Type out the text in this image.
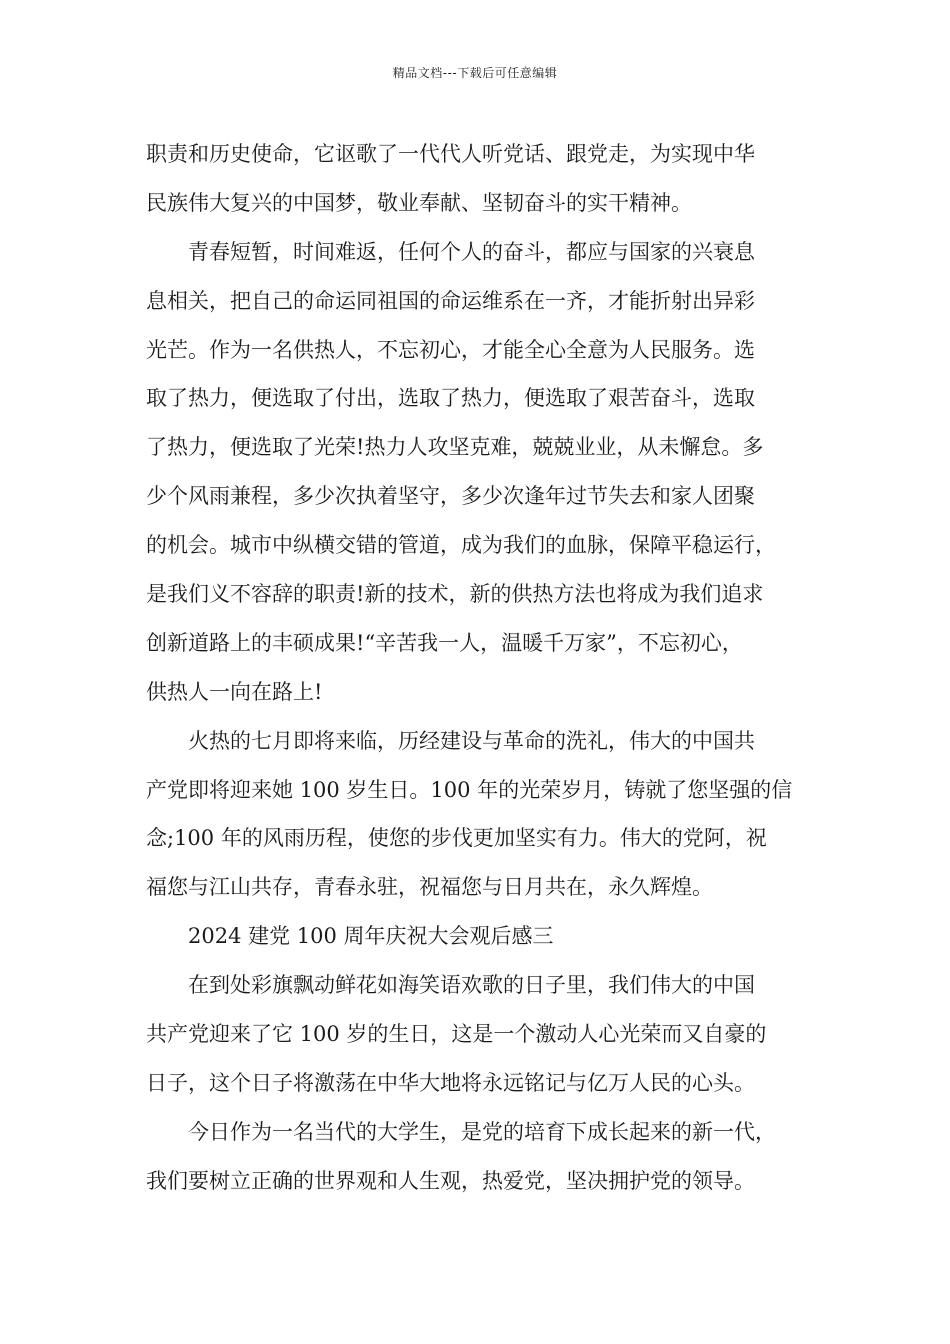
精品文档---下载后可任意编辑
职责和历史使命，它讴歌了一代代人听党话、跟党走，为实现中华
民族伟大复兴的中国梦，敬业奉献、坚韧奋斗的实干精神。
青春短暂，时间难返，任何个人的奋斗，都应与国家的兴衰息
息相关，把自己的命运同祖国的命运维系在一齐，才能折射出异彩
光芒。作为一名供热人，不忘初心，才能全心全意为人民服务。选
取了热力，便选取了付出，选取了热力，便选取了艰苦奋斗，选取
了热力，便选取了光荣!热力人攻坚克难，兢兢业业，从未懈怠。多
少个风雨兼程，多少次执着坚守，多少次逢年过节失去和家人团聚
的机会。城市中纵横交错的管道，成为我们的血脉，保障平稳运行，
是我们义不容辞的职责!新的技术，新的供热方法也将成为我们追求
创新道路上的丰硕成果!“辛苦我一人，温暖千万家”，不忘初心，
供热人一向在路上!
火热的七月即将来临，历经建设与革命的洗礼，伟大的中国共
产党即将迎来她 100 岁生日。100 年的光荣岁月，铸就了您坚强的信
念;100 年的风雨历程，使您的步伐更加坚实有力。伟大的党阿，祝
福您与江山共存，青春永驻，祝福您与日月共在，永久辉煌。
2024 建党 100 周年庆祝大会观后感三
在到处彩旗飘动鲜花如海笑语欢歌的日子里，我们伟大的中国
共产党迎来了它 100 岁的生日，这是一个激动人心光荣而又自豪的
日子，这个日子将激荡在中华大地将永远铭记与亿万人民的心头。
今日作为一名当代的大学生，是党的培育下成长起来的新一代，
我们要树立正确的世界观和人生观，热爱党，坚决拥护党的领导。
